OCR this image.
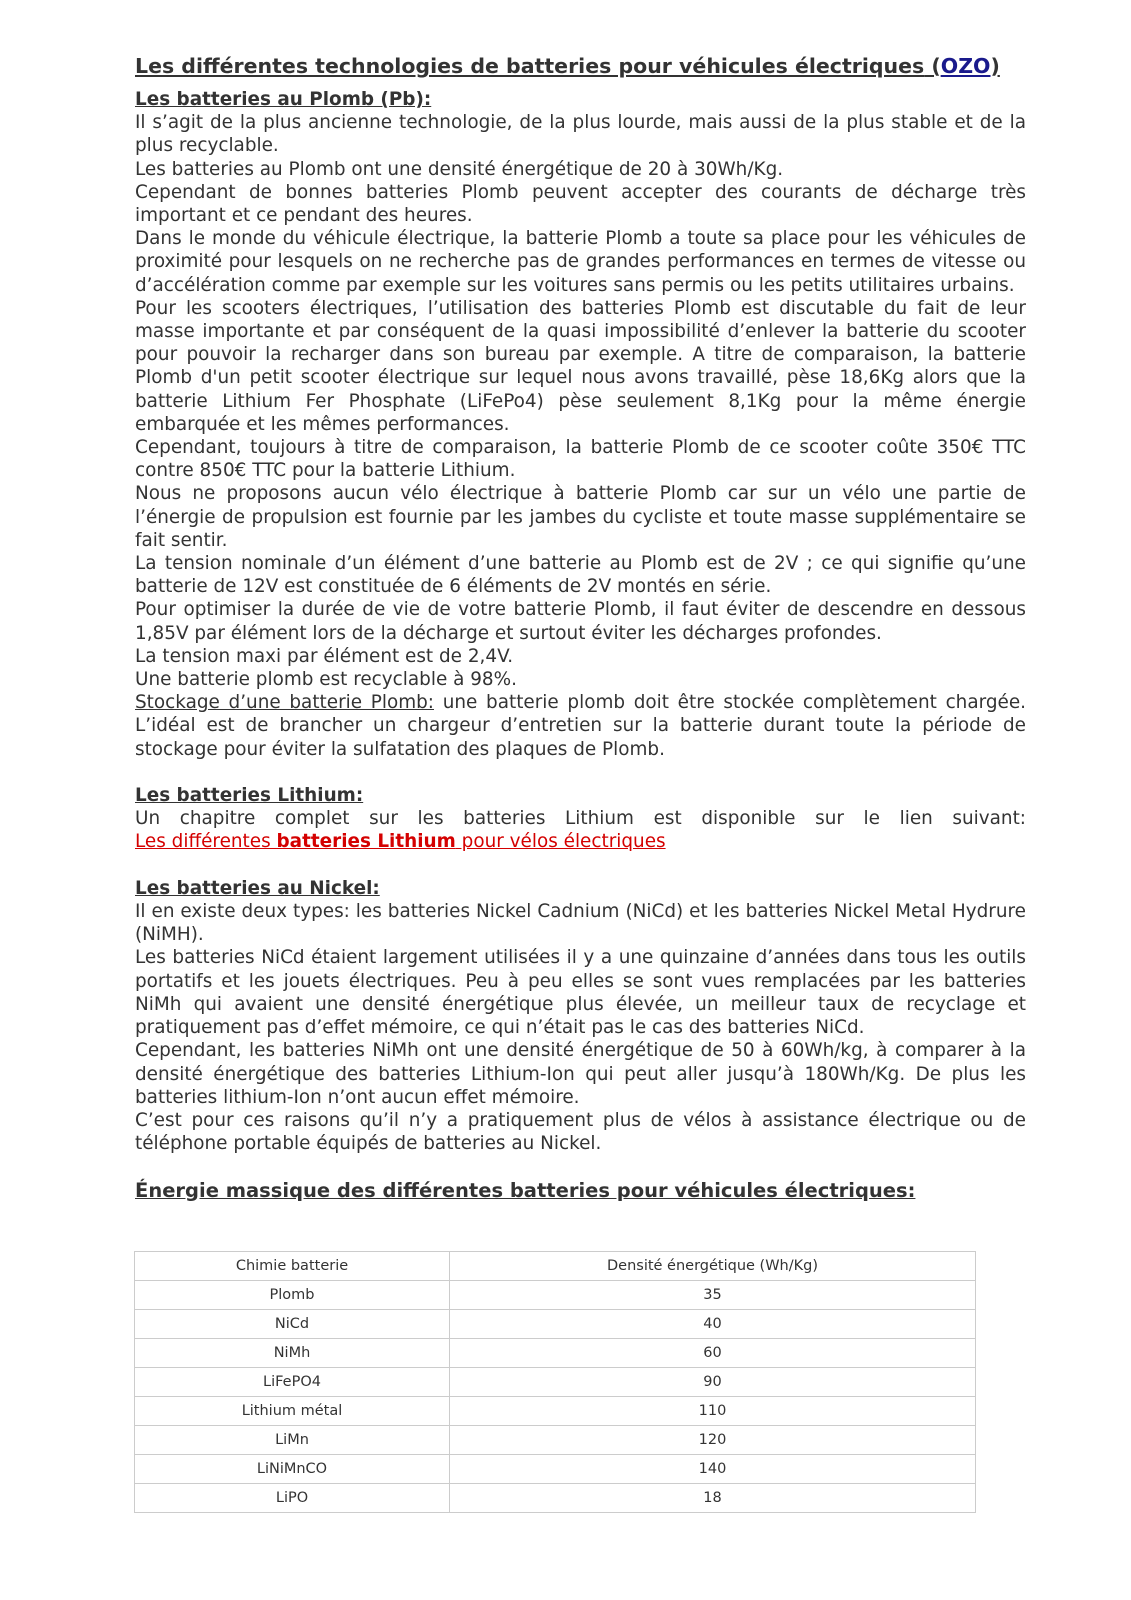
Les différentes technologies de batteries pour véhicules électriques (OZO)
Les batteries au Plomb (Pb):

Il s’agit de la plus ancienne technologie, de la plus lourde, mais aussi de la plus stable et de la plus recyclable.

Les batteries au Plomb ont une densité énergétique de 20 à 30Wh/Kg.

Cependant de bonnes batteries Plomb peuvent accepter des courants de décharge très important et ce pendant des heures.

Dans le monde du véhicule électrique, la batterie Plomb a toute sa place pour les véhicules de proximité pour lesquels on ne recherche pas de grandes performances en termes de vitesse ou d’accélération comme par exemple sur les voitures sans permis ou les petits utilitaires urbains.

Pour les scooters électriques, l’utilisation des batteries Plomb est discutable du fait de leur masse importante et par conséquent de la quasi impossibilité d’enlever la batterie du scooter pour pouvoir la recharger dans son bureau par exemple. A titre de comparaison, la batterie Plomb d'un petit scooter électrique sur lequel nous avons travaillé, pèse 18,6Kg alors que la batterie Lithium Fer Phosphate (LiFePo4) pèse seulement 8,1Kg pour la même énergie embarquée et les mêmes performances.

Cependant, toujours à titre de comparaison, la batterie Plomb de ce scooter coûte 350€ TTC contre 850€ TTC pour la batterie Lithium.

Nous ne proposons aucun vélo électrique à batterie Plomb car sur un vélo une partie de l’énergie de propulsion est fournie par les jambes du cycliste et toute masse supplémentaire se fait sentir.

La tension nominale d’un élément d’une batterie au Plomb est de 2V ; ce qui signifie qu’une batterie de 12V est constituée de 6 éléments de 2V montés en série.

Pour optimiser la durée de vie de votre batterie Plomb, il faut éviter de descendre en dessous 1,85V par élément lors de la décharge et surtout éviter les décharges profondes.

La tension maxi par élément est de 2,4V.

Une batterie plomb est recyclable à 98%.

Stockage d’une batterie Plomb: une batterie plomb doit être stockée complètement chargée. L’idéal est de brancher un chargeur d’entretien sur la batterie durant toute la période de stockage pour éviter la sulfatation des plaques de Plomb.

Les batteries Lithium:

Un chapitre complet sur les batteries Lithium est disponible sur le lien suivant:

Les différentes batteries Lithium pour vélos électriques

Les batteries au Nickel:

Il en existe deux types: les batteries Nickel Cadnium (NiCd) et les batteries Nickel Metal Hydrure (NiMH).

Les batteries NiCd étaient largement utilisées il y a une quinzaine d’années dans tous les outils portatifs et les jouets électriques. Peu à peu elles se sont vues remplacées par les batteries NiMh qui avaient une densité énergétique plus élevée, un meilleur taux de recyclage et pratiquement pas d’effet mémoire, ce qui n’était pas le cas des batteries NiCd.

Cependant, les batteries NiMh ont une densité énergétique de 50 à 60Wh/kg, à comparer à la densité énergétique des batteries Lithium-Ion qui peut aller jusqu’à 180Wh/Kg. De plus les batteries lithium-Ion n’ont aucun effet mémoire.

C’est pour ces raisons qu’il n’y a pratiquement plus de vélos à assistance électrique ou de téléphone portable équipés de batteries au Nickel.

Énergie massique des différentes batteries pour véhicules électriques:
Chimie batterie	Densité énergétique (Wh/Kg)
Plomb	35
NiCd	40
NiMh	60
LiFePO4	90
Lithium métal	110
LiMn	120
LiNiMnCO	140
LiPO	18
